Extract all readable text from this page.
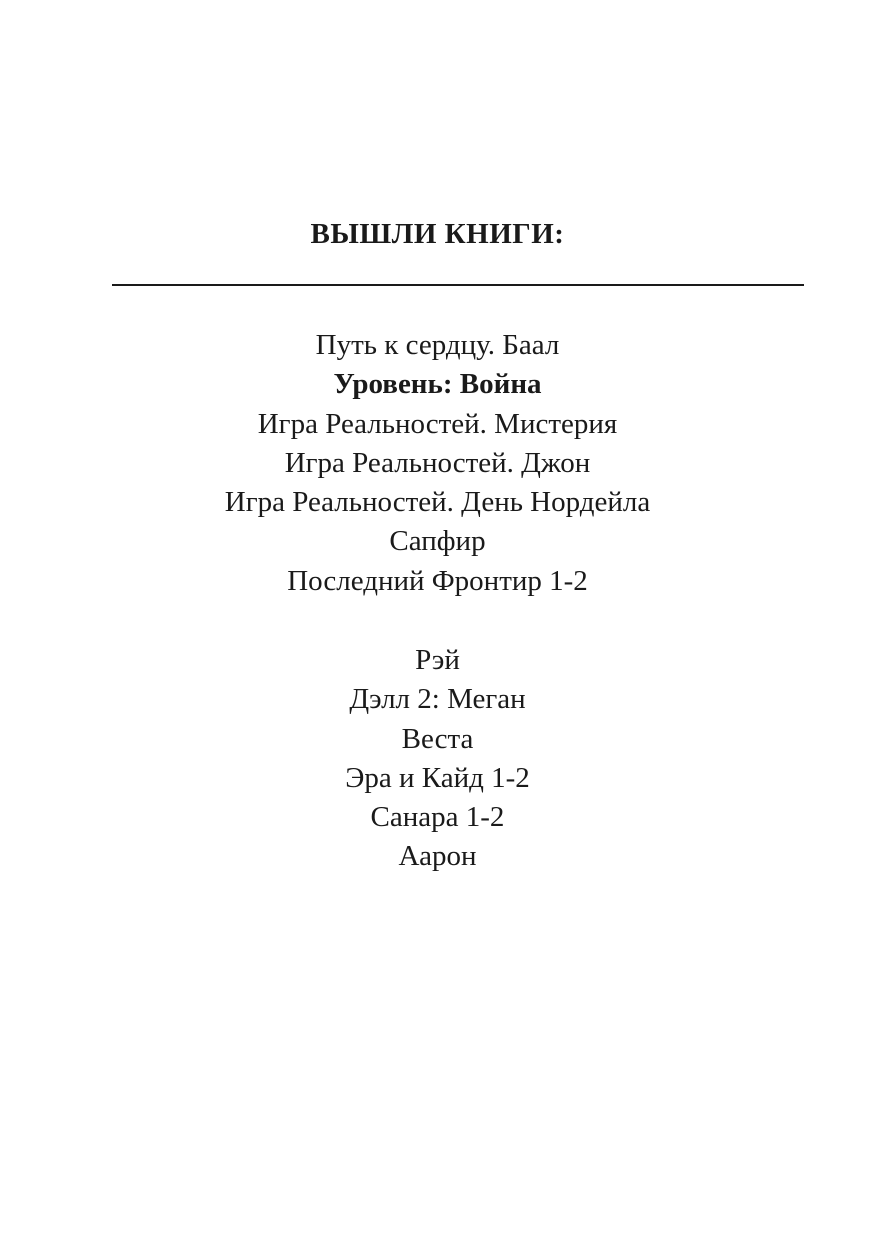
ВЫШЛИ КНИГИ:
Путь к сердцу. Баал
Уровень: Война
Игра Реальностей. Мистерия
Игра Реальностей. Джон
Игра Реальностей. День Нордейла
Сапфир
Последний Фронтир 1-2
Рэй
Дэлл 2: Меган
Веста
Эра и Кайд 1-2
Санара 1-2
Аарон
